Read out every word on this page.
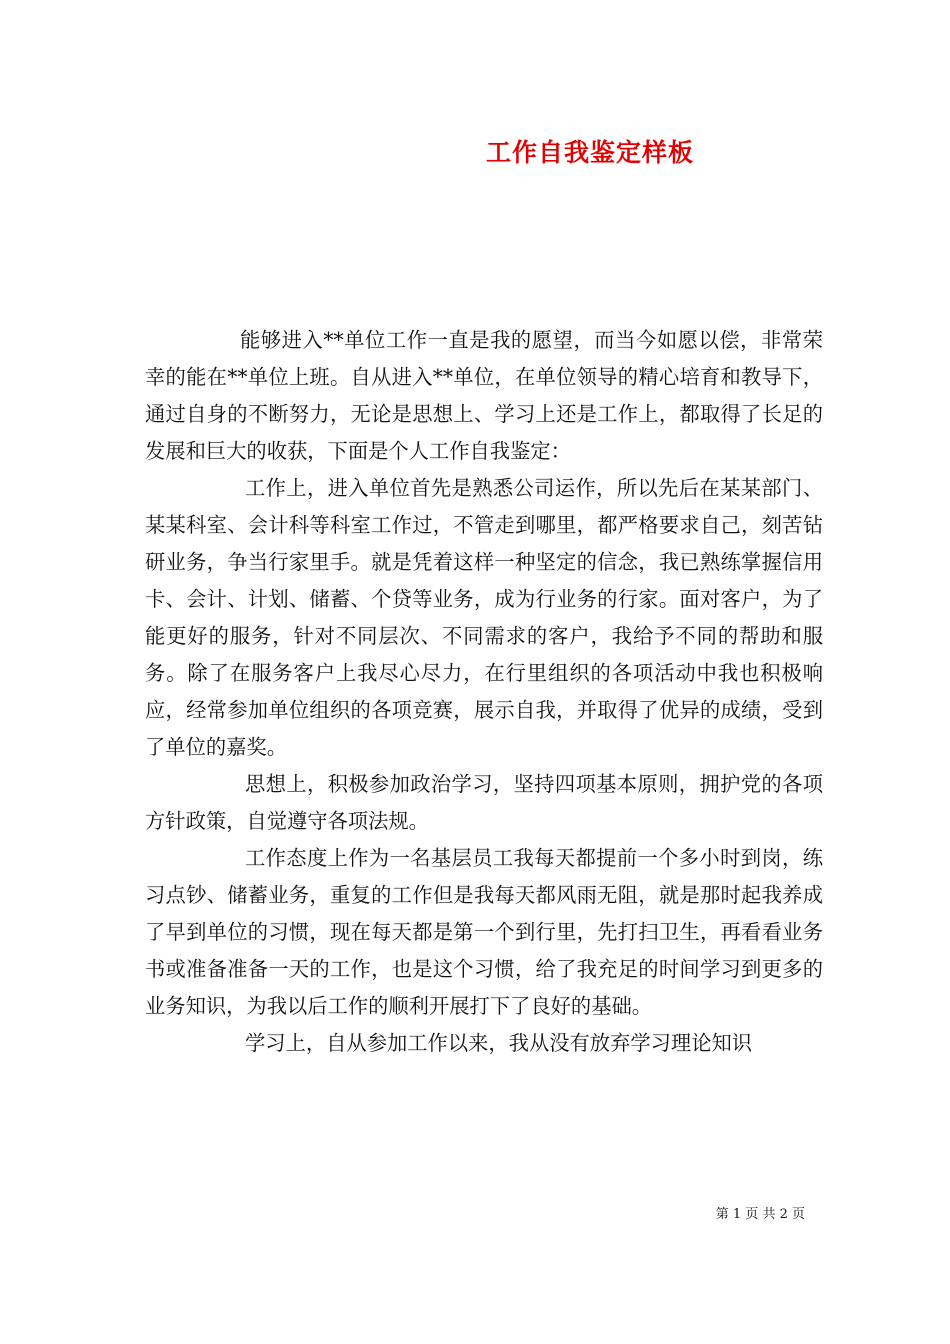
工作自我鉴定样板

能够进入**单位工作一直是我的愿望，而当今如愿以偿，非常荣幸的能在**单位上班。自从进入**单位，在单位领导的精心培育和教导下，通过自身的不断努力，无论是思想上、学习上还是工作上，都取得了长足的发展和巨大的收获，下面是个人工作自我鉴定：

工作上，进入单位首先是熟悉公司运作，所以先后在某某部门、某某科室、会计科等科室工作过，不管走到哪里，都严格要求自己，刻苦钻研业务，争当行家里手。就是凭着这样一种坚定的信念，我已熟练掌握信用卡、会计、计划、储蓄、个贷等业务，成为行业务的行家。面对客户，为了能更好的服务，针对不同层次、不同需求的客户，我给予不同的帮助和服务。除了在服务客户上我尽心尽力，在行里组织的各项活动中我也积极响应，经常参加单位组织的各项竞赛，展示自我，并取得了优异的成绩，受到了单位的嘉奖。

思想上，积极参加政治学习，坚持四项基本原则，拥护党的各项方针政策，自觉遵守各项法规。

工作态度上作为一名基层员工我每天都提前一个多小时到岗，练习点钞、储蓄业务，重复的工作但是我每天都风雨无阻，就是那时起我养成了早到单位的习惯，现在每天都是第一个到行里，先打扫卫生，再看看业务书或准备准备一天的工作，也是这个习惯，给了我充足的时间学习到更多的业务知识，为我以后工作的顺利开展打下了良好的基础。

学习上，自从参加工作以来，我从没有放弃学习理论知识

第 1 页 共 2 页
